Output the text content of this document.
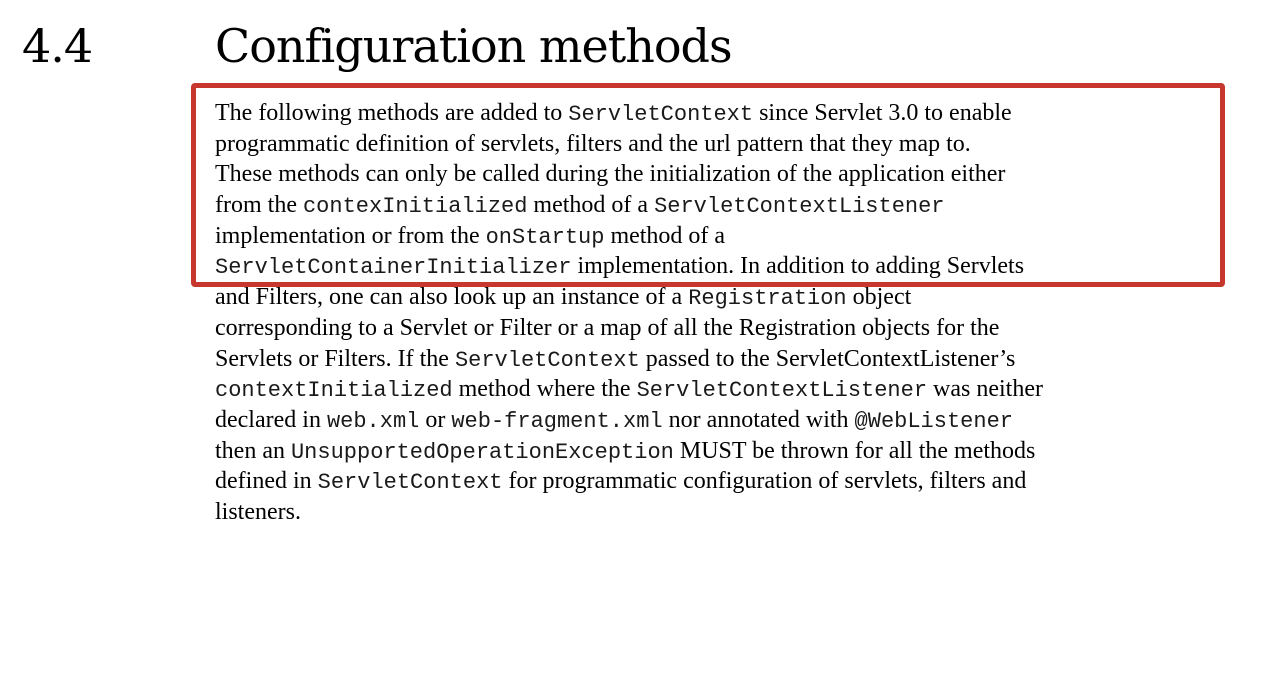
4.4	Configuration methods
The following methods are added to ServletContext since Servlet 3.0 to enable
programmatic definition of servlets, filters and the url pattern that they map to.
These methods can only be called during the initialization of the application either
from the contexInitialized method of a ServletContextListener
implementation or from the onStartup method of a
ServletContainerInitializer implementation. In addition to adding Servlets
and Filters, one can also look up an instance of a Registration object
corresponding to a Servlet or Filter or a map of all the Registration objects for the
Servlets or Filters. If the ServletContext passed to the ServletContextListener’s
contextInitialized method where the ServletContextListener was neither
declared in web.xml or web-fragment.xml nor annotated with @WebListener
then an UnsupportedOperationException MUST be thrown for all the methods
defined in ServletContext for programmatic configuration of servlets, filters and
listeners.
